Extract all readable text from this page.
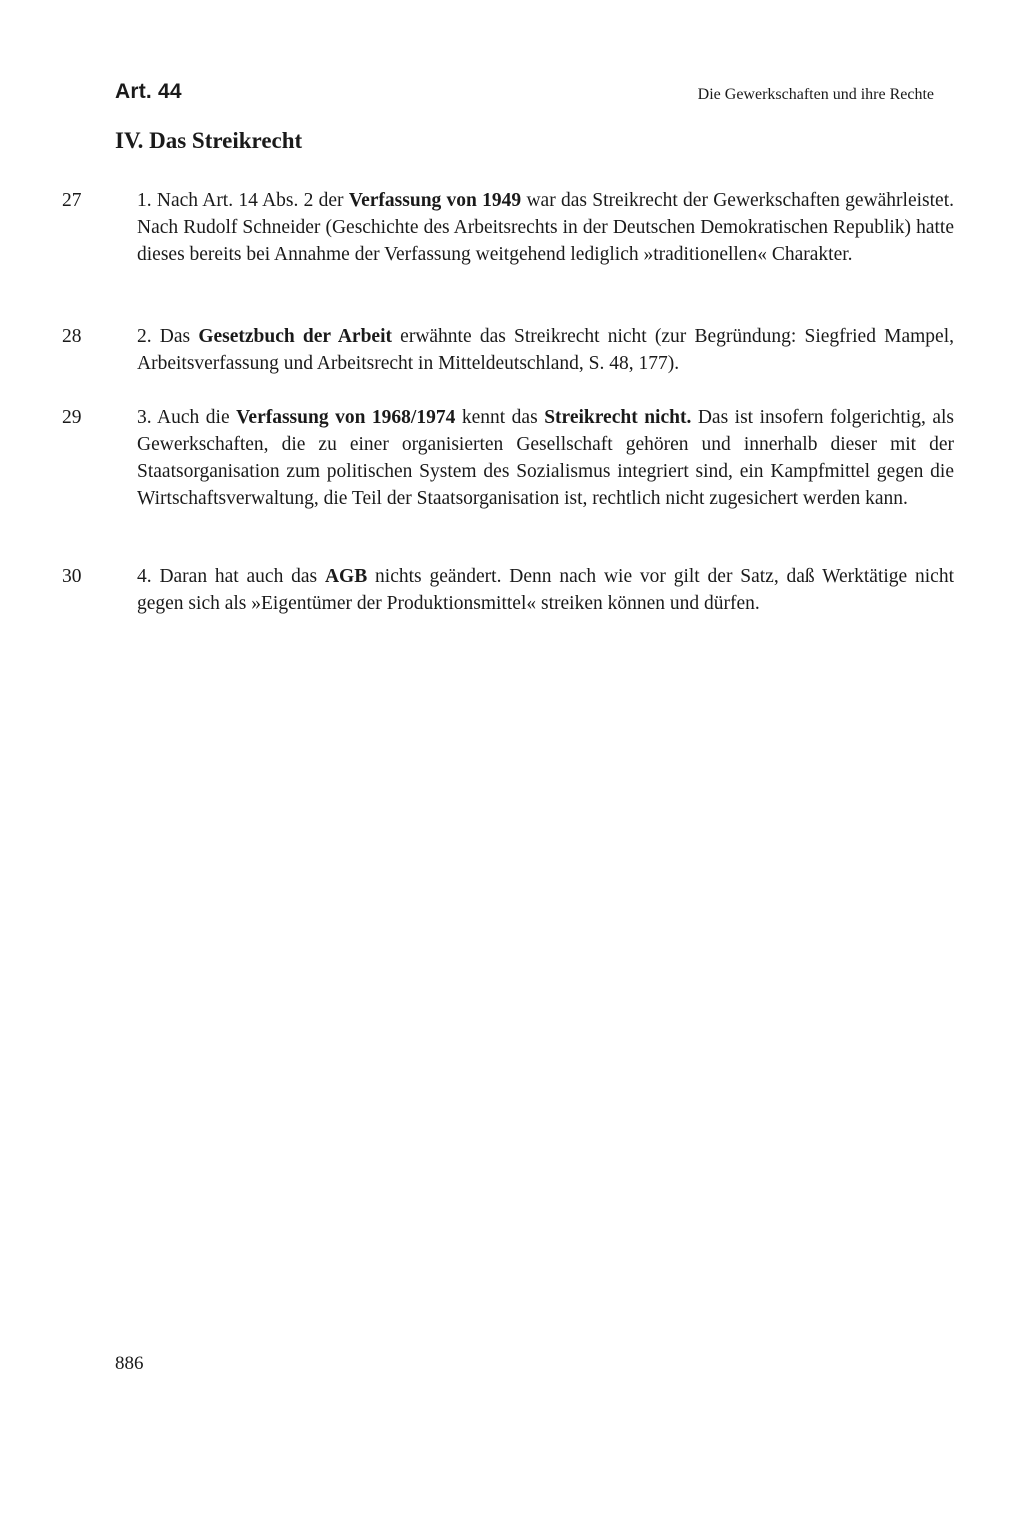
Art. 44	Die Gewerkschaften und ihre Rechte
IV. Das Streikrecht
27	1. Nach Art. 14 Abs. 2 der Verfassung von 1949 war das Streikrecht der Gewerkschaften gewährleistet. Nach Rudolf Schneider (Geschichte des Arbeitsrechts in der Deutschen Demokratischen Republik) hatte dieses bereits bei Annahme der Verfassung weitgehend lediglich »traditionellen« Charakter.

28	2. Das Gesetzbuch der Arbeit erwähnte das Streikrecht nicht (zur Begründung: Siegfried Mampel, Arbeitsverfassung und Arbeitsrecht in Mitteldeutschland, S. 48, 177).

29	3. Auch die Verfassung von 1968/1974 kennt das Streikrecht nicht. Das ist insofern folgerichtig, als Gewerkschaften, die zu einer organisierten Gesellschaft gehören und innerhalb dieser mit der Staatsorganisation zum politischen System des Sozialismus integriert sind, ein Kampfmittel gegen die Wirtschaftsverwaltung, die Teil der Staatsorganisation ist, rechtlich nicht zugesichert werden kann.

30	4. Daran hat auch das AGB nichts geändert. Denn nach wie vor gilt der Satz, daß Werktätige nicht gegen sich als »Eigentümer der Produktionsmittel« streiken können und dürfen.

886
